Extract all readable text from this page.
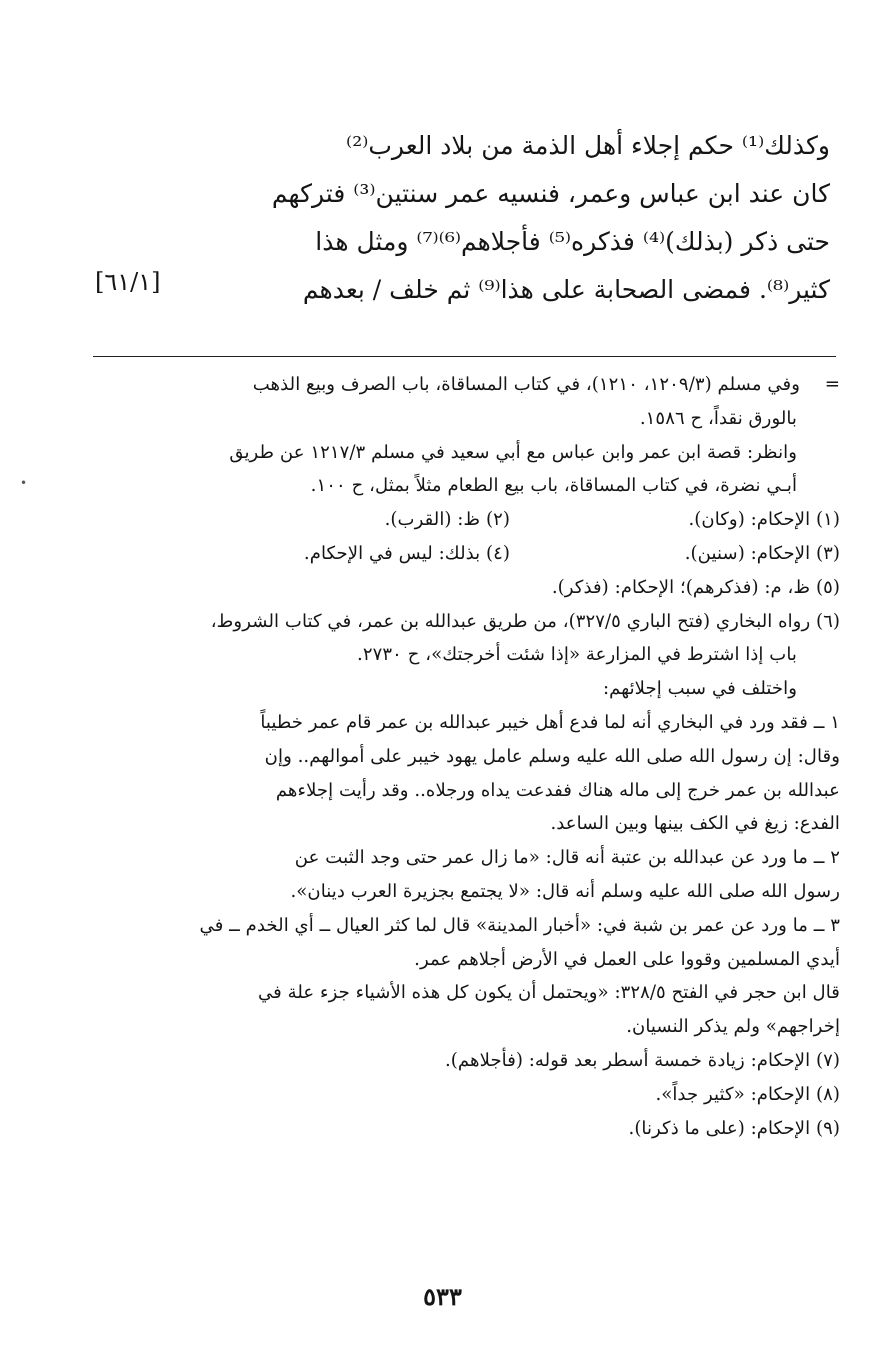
وكذلك⁽¹⁾ حكم إجلاء أهل الذمة من بلاد العرب⁽²⁾
كان عند ابن عباس وعمر، فنسيه عمر سنتين⁽³⁾ فتركهم
حتى ذكر (بذلك)⁽⁴⁾ فذكره⁽⁵⁾ فأجلاهم⁽⁶⁾⁽⁷⁾ ومثل هذا
كثير⁽⁸⁾. فمضى الصحابة على هذا⁽⁹⁾ ثم خلف / بعدهم
[٦١/١]
=وفي مسلم (١٢٠٩/٣، ١٢١٠)، في كتاب المساقاة، باب الصرف وبيع الذهب
بالورق نقداً، ح ١٥٨٦.
وانظر: قصة ابن عمر وابن عباس مع أبي سعيد في مسلم ١٢١٧/٣ عن طريق
أبـي نضرة، في كتاب المساقاة، باب بيع الطعام مثلاً بمثل، ح ١٠٠.
(١) الإحكام: (وكان).(٢) ظ: (القرب).
(٣) الإحكام: (سنين).(٤) بذلك: ليس في الإحكام.
(٥) ظ، م: (فذكرهم)؛ الإحكام: (فذكر).
(٦) رواه البخاري (فتح الباري ٣٢٧/٥)، من طريق عبدالله بن عمر، في كتاب الشروط،
باب إذا اشترط في المزارعة «إذا شئت أخرجتك»، ح ٢٧٣٠.
واختلف في سبب إجلائهم:
١ ــ فقد ورد في البخاري أنه لما فدع أهل خيبر عبدالله بن عمر قام عمر خطيباً
وقال: إن رسول الله صلى الله عليه وسلم عامل يهود خيبر على أموالهم.. وإن
عبدالله بن عمر خرج إلى ماله هناك ففدعت يداه ورجلاه.. وقد رأيت إجلاءهم
الفدع: زيغ في الكف بينها وبين الساعد.
٢ ــ ما ورد عن عبدالله بن عتبة أنه قال: «ما زال عمر حتى وجد الثبت عن
رسول الله صلى الله عليه وسلم أنه قال: «لا يجتمع بجزيرة العرب دينان».
٣ ــ ما ورد عن عمر بن شبة في: «أخبار المدينة» قال لما كثر العيال ــ أي الخدم ــ في
أيدي المسلمين وقووا على العمل في الأرض أجلاهم عمر.
قال ابن حجر في الفتح ٣٢٨/٥: «ويحتمل أن يكون كل هذه الأشياء جزء علة في
إخراجهم» ولم يذكر النسيان.
(٧) الإحكام: زيادة خمسة أسطر بعد قوله: (فأجلاهم).
(٨) الإحكام: «كثير جداً».
(٩) الإحكام: (على ما ذكرنا).
•
٥٣٣
